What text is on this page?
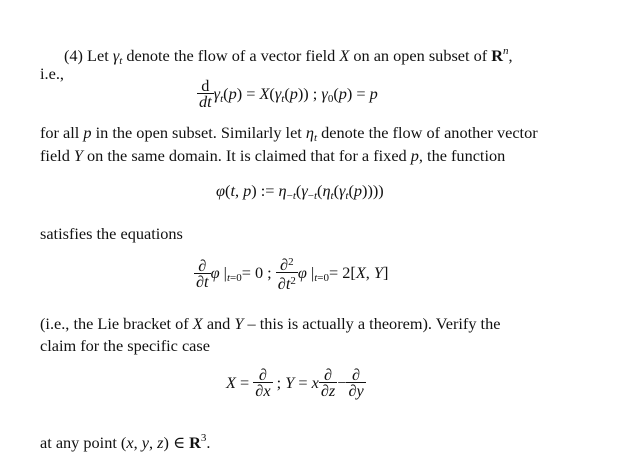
(4) Let $\gamma_t$ denote the flow of a vector field X on an open subset of $R^n$,
i.e.,
$\frac{d}{dt} \gamma_t(p) = X(\gamma_t(p))$ ; $\gamma_0(p) = p$
for all p in the open subset. Similarly let $\eta_t$ denote the flow of another vector
field Y on the same domain. It is claimed that for a fixed p, the function
φ(t, p) := $\eta_{-t}(\gamma_{-t}(\eta_t(\gamma_t(p))))$
satisfies the equations
$\frac{\partial}{\partial t}$ φ $|_{t=0}= 0$ ; $\frac{\partial^2}{\partial t^2}$ φ $|_{t=0}= 2[X$, Y]
(i.e., the Lie bracket of X and Y – this is actually a theorem). Verify the
claim for the specific case
$X = \frac{\partial}{\partial x}$ ; Y = x $\frac{\partial}{\partial z} - \frac{\partial}{\partial y}$
at any point (x, y, z) ∈ $R^3$.
